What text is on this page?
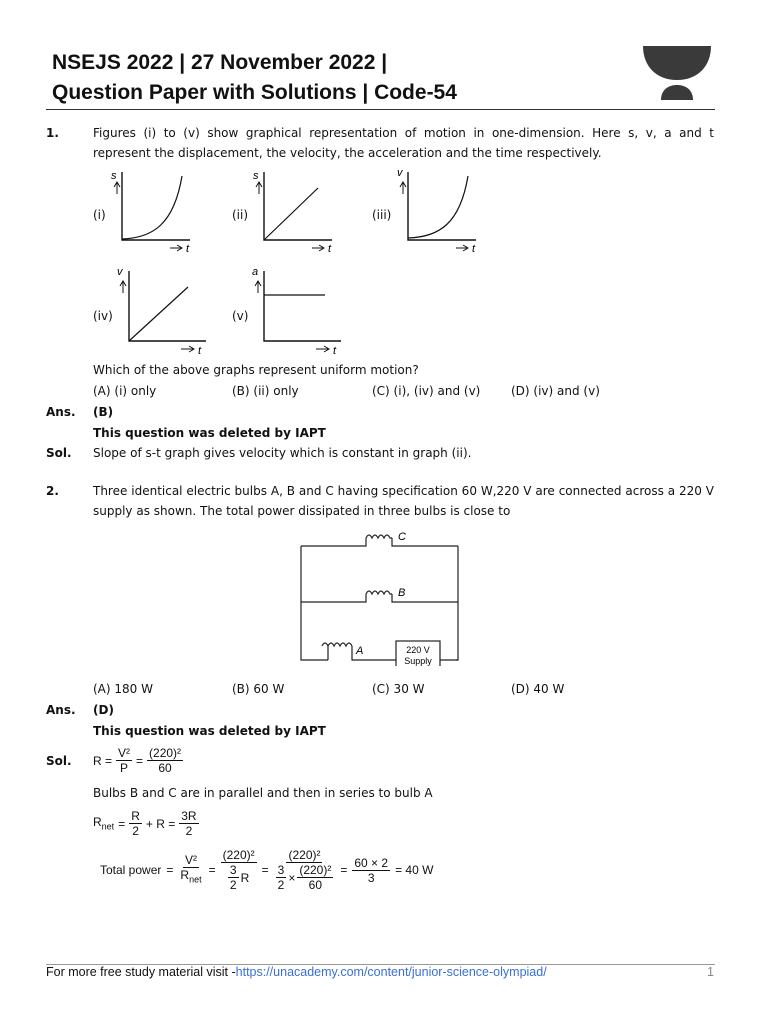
NSEJS 2022 | 27 November 2022 |
Question Paper with Solutions | Code-54
1.	Figures (i) to (v) show graphical representation of motion in one-dimension. Here s, v, a and t represent the displacement, the velocity, the acceleration and the time respectively.
(i)	(ii)	(iii)
(iv)	(v)
s
t
s
t
v
t
v
t
a
t
Which of the above graphs represent uniform motion?
(A) (i) only	(B) (ii) only	(C) (i), (iv) and (v)	(D) (iv) and (v)
Ans. (B)
This question was deleted by IAPT
Sol. Slope of s-t graph gives velocity which is constant in graph (ii).
2.	Three identical electric bulbs A, B and C having specification 60 W,220 V are connected across a 220 V supply as shown. The total power dissipated in three bulbs is close to
C
B
A	220 V
Supply
(A) 180 W	(B) 60 W	(C) 30 W	(D) 40 W
Ans. (D)
This question was deleted by IAPT
Sol. $R = \frac{\text{V²}}{P} = \frac{\text{(220)²}}{60}$
Bulbs B and C are in parallel and then in series to bulb A
$R_{net} = \frac{R}{2} + R = \frac{3R}{2}$
Total power = $\frac{\text{V²}}{R_{net}} = \frac{\text{(220)²}}{\frac{3}{2} R} = \frac{\text{(220)²}}{\frac{3}{2} \times \frac{\text{(220)²}}{60}} = \frac{60 \times 2}{3} = 40$ W
For more free study material visit -https://unacademy.com/content/junior-science-olympiad/	1
